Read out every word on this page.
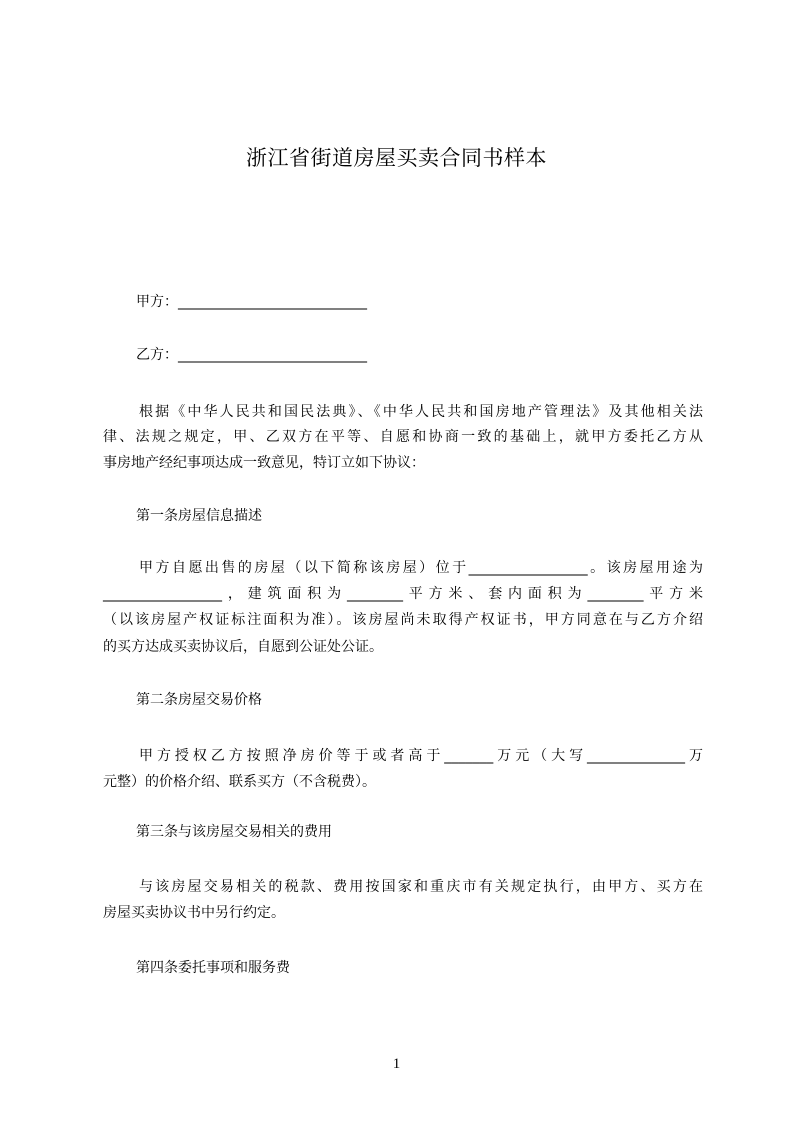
浙江省街道房屋买卖合同书样本
甲方：___________________________
乙方：___________________________
根据《中华人民共和国民法典》、《中华人民共和国房地产管理法》及其他相关法
律、法规之规定，甲、乙双方在平等、自愿和协商一致的基础上，就甲方委托乙方从
事房地产经纪事项达成一致意见，特订立如下协议：
第一条房屋信息描述
甲方自愿出售的房屋（以下简称该房屋）位于_________________。该房屋用途为
_________________，建筑面积为________平方米、套内面积为________平方米
（以该房屋产权证标注面积为准）。该房屋尚未取得产权证书，甲方同意在与乙方介绍
的买方达成买卖协议后，自愿到公证处公证。
第二条房屋交易价格
甲方授权乙方按照净房价等于或者高于_______万元（大写______________万
元整）的价格介绍、联系买方（不含税费）。
第三条与该房屋交易相关的费用
与该房屋交易相关的税款、费用按国家和重庆市有关规定执行，由甲方、买方在
房屋买卖协议书中另行约定。
第四条委托事项和服务费
1
